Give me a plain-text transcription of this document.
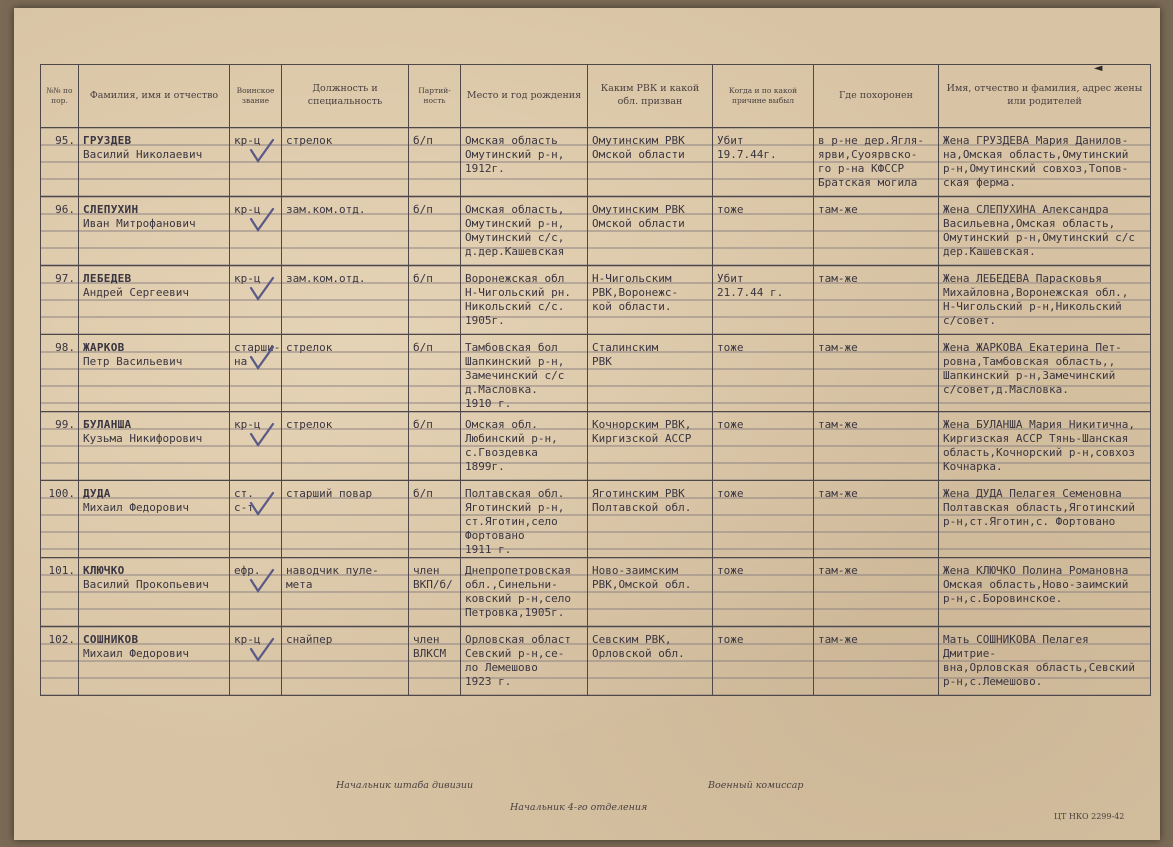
◄
№№ по пор.	Фамилия, имя и отчество	Воинское звание	Должность и специальность	Партий-ность	Место и год рождения	Каким РВК и какой обл. призван	Когда и по какой причине выбыл	Где похоронен	Имя, отчество и фамилия, адрес жены или родителей

95.	ГРУЗДЕВ
Василий Николаевич	кр-ц	стрелок	б/п	Омская область
Омутинский р-н,
1912г.	Омутинским РВК
Омской области	Убит
19.7.44г.	в р-не дер.Ягля-
ярви,Суоярвско-
го р-на КФССР
Братская могила	Жена ГРУЗДЕВА Мария Данилов-
на,Омская область,Омутинский
р-н,Омутинский совхоз,Топов-
ская ферма.

96.	СЛЕПУХИН
Иван Митрофанович	кр-ц	зам.ком.отд.	б/п	Омская область,
Омутинский р-н,
Омутинский с/с,
д.дер.Кашевская	Омутинским РВК
Омской области	тоже	там-же	Жена СЛЕПУХИНА Александра
Васильевна,Омская область,
Омутинский р-н,Омутинский с/с
дер.Кашевская.

97.	ЛЕБЕДЕВ
Андрей Сергеевич	кр-ц	зам.ком.отд.	б/п	Воронежская обл
Н-Чигольский рн.
Никольский с/с.
1905г.	Н-Чигольским
РВК,Воронежс-
кой области.	Убит
21.7.44 г.	там-же	Жена ЛЕБЕДЕВА Парасковья
Михайловна,Воронежская обл.,
Н-Чигольский р-н,Никольский
с/совет.

98.	ЖАРКОВ
Петр Васильевич	старши-
на	стрелок	б/п	Тамбовская бол
Шапкинский р-н,
Замечинский с/с
д.Масловка.
1910 г.	Сталинским
РВК	тоже	там-же	Жена ЖАРКОВА Екатерина Пет-
ровна,Тамбовская область,,
Шапкинский р-н,Замечинский
с/совет,д.Масловка.

99.	БУЛАНША
Кузьма Никифорович	кр-ц	стрелок	б/п	Омская обл.
Любинский р-н,
с.Гвоздевка
1899г.	Кочнорским РВК,
Киргизской АССР	тоже	там-же	Жена БУЛАНША Мария Никитична,
Киргизская АССР Тянь-Шанская
область,Кочнорский р-н,совхоз
Кочнарка.

100.	ДУДА
Михаил Федорович	ст.
с-т	старший повар	б/п	Полтавская обл.
Яготинский р-н,
ст.Яготин,село
Фортовано
1911 г.	Яготинским РВК
Полтавской обл.	тоже	там-же	Жена ДУДА Пелагея Семеновна
Полтавская область,Яготинский
р-н,ст.Яготин,с. Фортовано

101.	КЛЮЧКО
Василий Прокопьевич	ефр.	наводчик пуле-
мета	член
ВКП/б/	Днепропетровская
обл.,Синельни-
ковский р-н,село
Петровка,1905г.	Ново-заимским
РВК,Омской обл.	тоже	там-же	Жена КЛЮЧКО Полина Романовна
Омская область,Ново-заимский
р-н,с.Боровинское.

102.	СОШНИКОВ
Михаил Федорович	кр-ц	снайпер	член
ВЛКСМ	Орловская област
Севский р-н,се-
ло Лемешово
1923 г.	Севским РВК,
Орловской обл.	тоже	там-же	Мать СОШНИКОВА Пелагея Дмитрие-
вна,Орловская область,Севский
р-н,с.Лемешово.
Начальник штаба дивизии	Военный комиссар
Начальник 4-го отделения
ЦТ НКО 2299-42
